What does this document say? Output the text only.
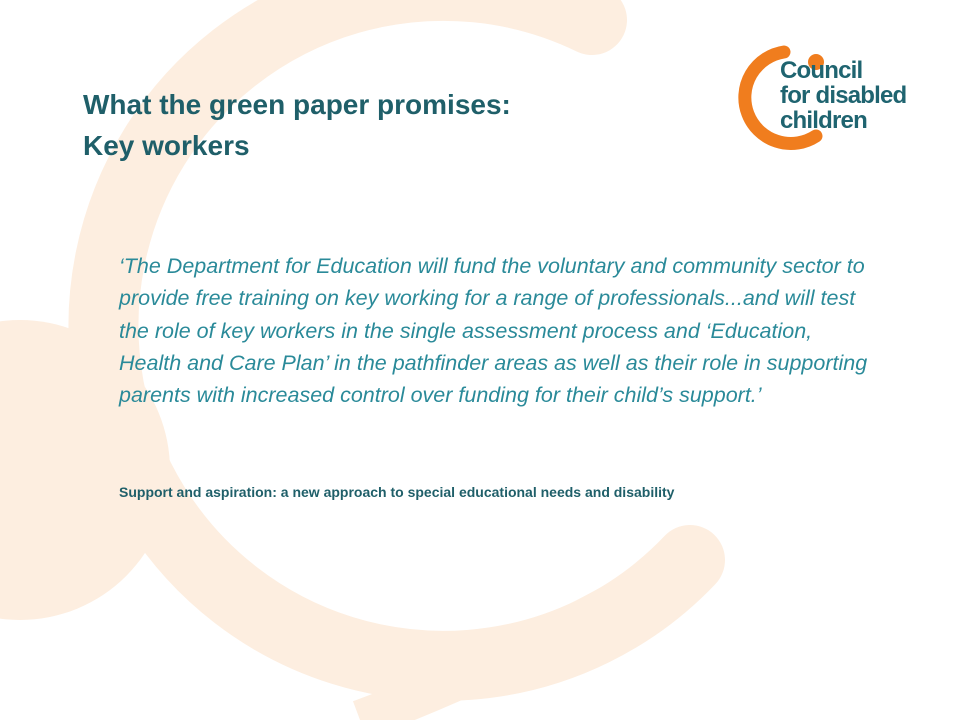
Council
for disabled
children
What the green paper promises:
Key workers

‘The Department for Education will fund the voluntary and community sector to provide free training on key working for a range of professionals...and will test the role of key workers in the single assessment process and ‘Education, Health and Care Plan’ in the pathfinder areas as well as their role in supporting parents with increased control over funding for their child’s support.’

Support and aspiration: a new approach to special educational needs and disability
